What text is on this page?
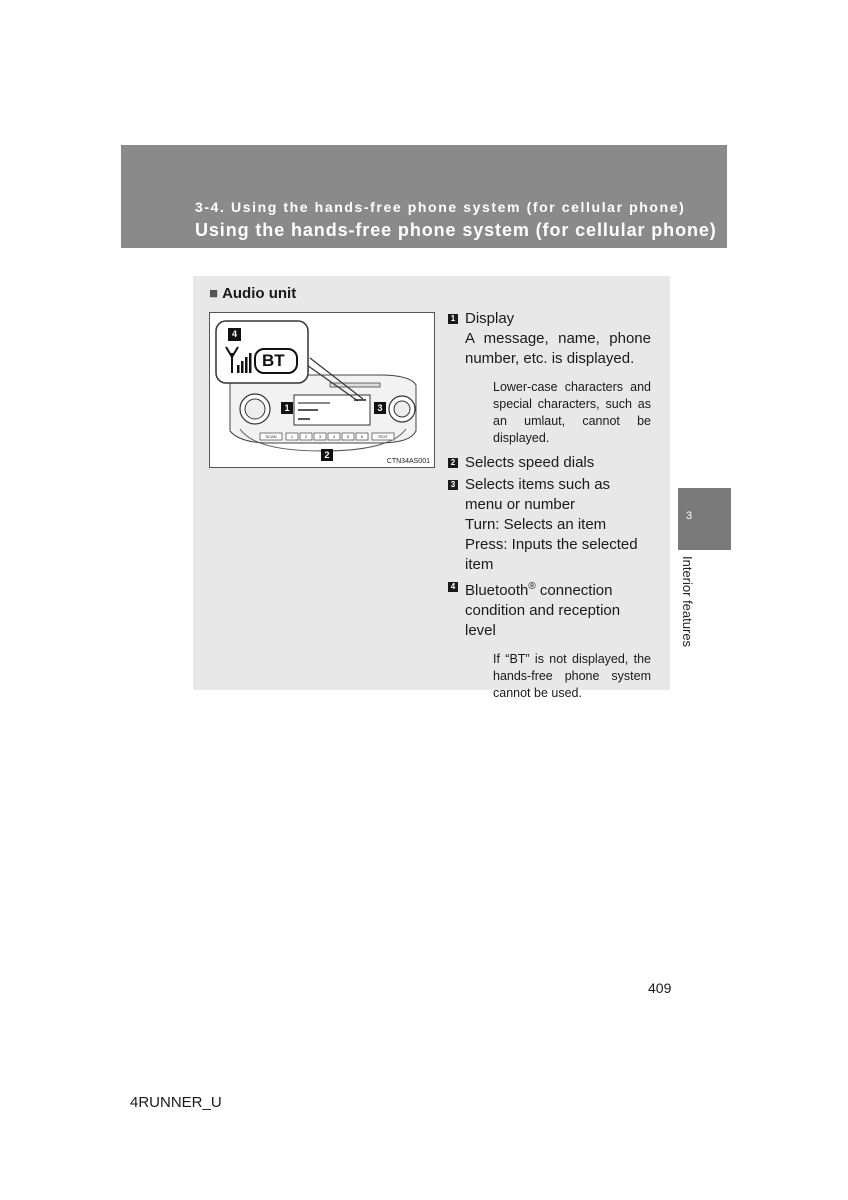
3-4. Using the hands-free phone system (for cellular phone)
Using the hands-free phone system (for cellular phone)
3
Interior features
■ Audio unit
BT
4
1	3
2
SCAN	1	2	3	4	5	6	TEXT
CTN34AS001
1 Display
A message, name, phone number, etc. is displayed.
Lower-case characters and special characters, such as an umlaut, cannot be displayed.
2 Selects speed dials
3 Selects items such as menu or number
Turn: Selects an item
Press: Inputs the selected item
4 Bluetooth® connection condition and reception level
If “BT” is not displayed, the hands-free phone system cannot be used.
409
4RUNNER_U
